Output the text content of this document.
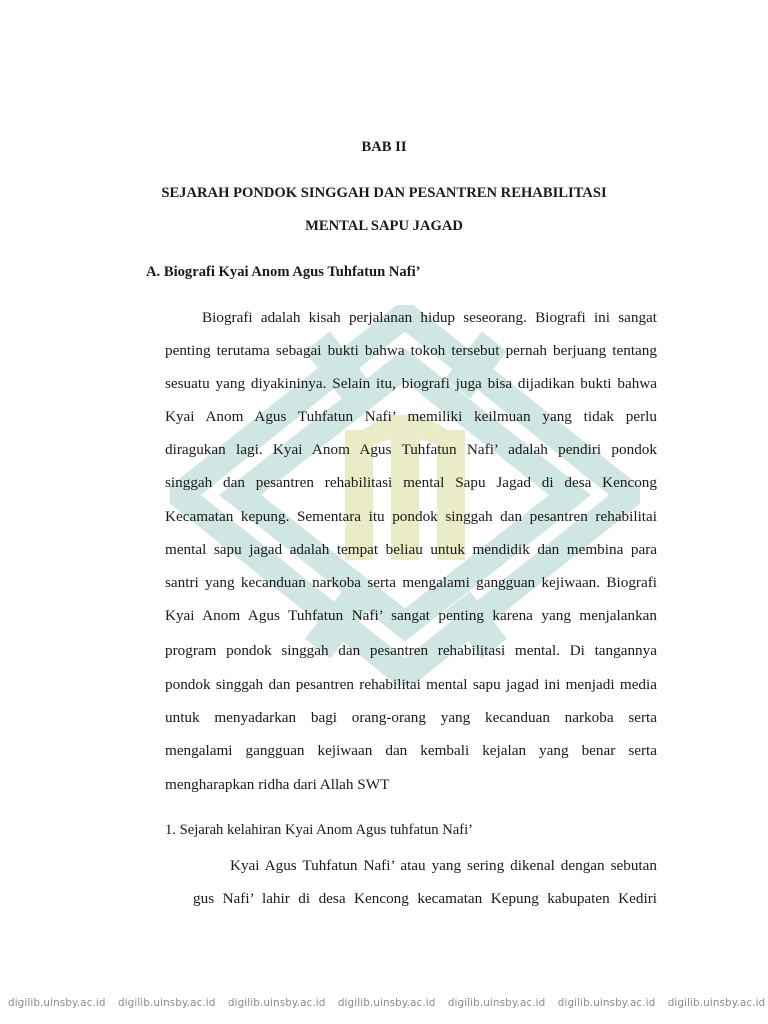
BAB II
SEJARAH PONDOK SINGGAH DAN PESANTREN REHABILITASI
MENTAL SAPU JAGAD
A. Biografi Kyai Anom Agus Tuhfatun Nafi’
Biografi adalah kisah perjalanan hidup seseorang. Biografi ini sangat
penting terutama sebagai bukti bahwa tokoh tersebut pernah berjuang tentang
sesuatu yang diyakininya. Selain itu, biografi juga bisa dijadikan bukti bahwa
Kyai Anom Agus Tuhfatun Nafi’ memiliki keilmuan yang tidak perlu
diragukan lagi. Kyai Anom Agus Tuhfatun Nafi’ adalah pendiri pondok
singgah dan pesantren rehabilitasi mental Sapu Jagad di desa Kencong
Kecamatan kepung. Sementara itu pondok singgah dan pesantren rehabilitai
mental sapu jagad adalah tempat beliau untuk mendidik dan membina para
santri yang kecanduan narkoba serta mengalami gangguan kejiwaan. Biografi
Kyai Anom Agus Tuhfatun Nafi’ sangat penting karena yang menjalankan
program pondok singgah dan pesantren rehabilitasi mental. Di tangannya
pondok singgah dan pesantren rehabilitai mental sapu jagad ini menjadi media
untuk menyadarkan bagi orang-orang yang kecanduan narkoba serta
mengalami gangguan kejiwaan dan kembali kejalan yang benar serta
mengharapkan ridha dari Allah SWT
1. Sejarah kelahiran Kyai Anom Agus tuhfatun Nafi’
Kyai Agus Tuhfatun Nafi’ atau yang sering dikenal dengan sebutan
gus Nafi’ lahir di desa Kencong kecamatan Kepung kabupaten Kediri
digilib.uinsby.ac.id digilib.uinsby.ac.id digilib.uinsby.ac.id digilib.uinsby.ac.id digilib.uinsby.ac.id digilib.uinsby.ac.id digilib.uinsby.ac.id
